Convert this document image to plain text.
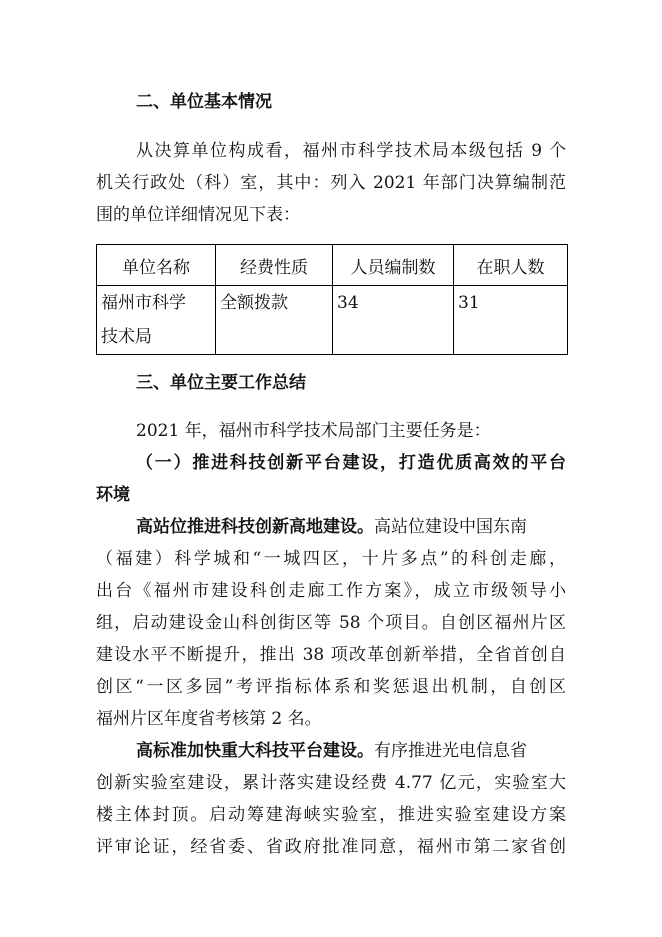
二、单位基本情况
从决算单位构成看，福州市科学技术局本级包括 9 个
机关行政处（科）室，其中：列入 2021 年部门决算编制范
围的单位详细情况见下表：
单位名称	经费性质	人员编制数	在职人数

福州市科学
技术局	全额拨款	34	31
三、单位主要工作总结
2021 年，福州市科学技术局部门主要任务是：
（一）推进科技创新平台建设，打造优质高效的平台
环境
高站位推进科技创新高地建设。高站位建设中国东南
（福建）科学城和“一城四区，十片多点”的科创走廊，
出台《福州市建设科创走廊工作方案》，成立市级领导小
组，启动建设金山科创街区等 58 个项目。自创区福州片区
建设水平不断提升，推出 38 项改革创新举措，全省首创自
创区“一区多园”考评指标体系和奖惩退出机制，自创区
福州片区年度省考核第 2 名。
高标准加快重大科技平台建设。有序推进光电信息省
创新实验室建设，累计落实建设经费 4.77 亿元，实验室大
楼主体封顶。启动筹建海峡实验室，推进实验室建设方案
评审论证，经省委、省政府批准同意，福州市第二家省创
